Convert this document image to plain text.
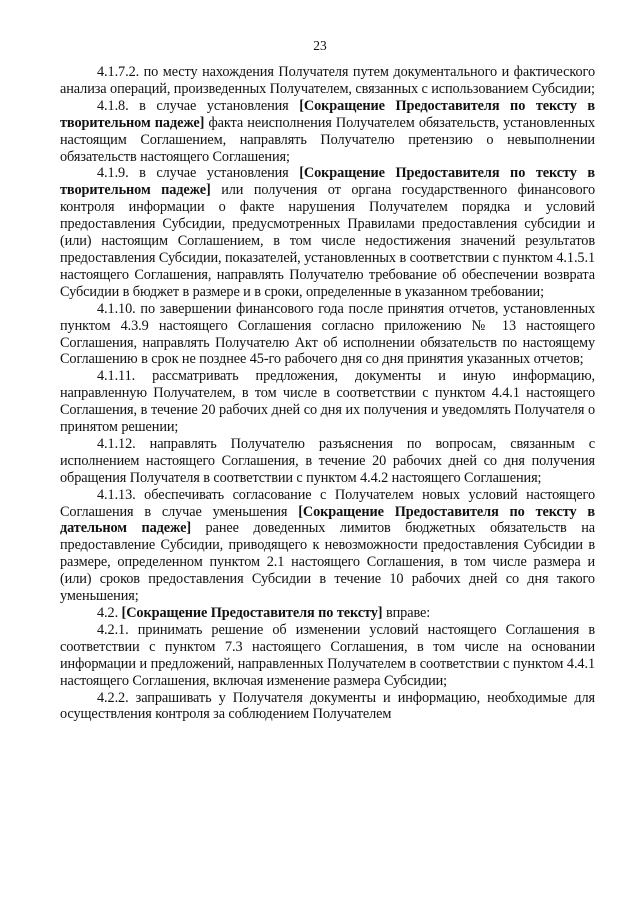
23

4.1.7.2. по месту нахождения Получателя путем документального и фактического анализа операций, произведенных Получателем, связанных с использованием Субсидии;

4.1.8. в случае установления [Сокращение Предоставителя по тексту в творительном падеже] факта неисполнения Получателем обязательств, установленных настоящим Соглашением, направлять Получателю претензию о невыполнении обязательств настоящего Соглашения;

4.1.9. в случае установления [Сокращение Предоставителя по тексту в творительном падеже] или получения от органа государственного финансового контроля информации о факте нарушения Получателем порядка и условий предоставления Субсидии, предусмотренных Правилами предоставления субсидии и (или) настоящим Соглашением, в том числе недостижения значений результатов предоставления Субсидии, показателей, установленных в соответствии с пунктом 4.1.5.1 настоящего Соглашения, направлять Получателю требование об обеспечении возврата Субсидии в бюджет в размере и в сроки, определенные в указанном требовании;

4.1.10. по завершении финансового года после принятия отчетов, установленных пунктом 4.3.9 настоящего Соглашения согласно приложению № 13 настоящего Соглашения, направлять Получателю Акт об исполнении обязательств по настоящему Соглашению в срок не позднее 45-го рабочего дня со дня принятия указанных отчетов;

4.1.11. рассматривать предложения, документы и иную информацию, направленную Получателем, в том числе в соответствии с пунктом 4.4.1 настоящего Соглашения, в течение 20 рабочих дней со дня их получения и уведомлять Получателя о принятом решении;

4.1.12. направлять Получателю разъяснения по вопросам, связанным с исполнением настоящего Соглашения, в течение 20 рабочих дней со дня получения обращения Получателя в соответствии с пунктом 4.4.2 настоящего Соглашения;

4.1.13. обеспечивать согласование с Получателем новых условий настоящего Соглашения в случае уменьшения [Сокращение Предоставителя по тексту в дательном падеже] ранее доведенных лимитов бюджетных обязательств на предоставление Субсидии, приводящего к невозможности предоставления Субсидии в размере, определенном пунктом 2.1 настоящего Соглашения, в том числе размера и (или) сроков предоставления Субсидии в течение 10 рабочих дней со дня такого уменьшения;

4.2. [Сокращение Предоставителя по тексту] вправе:

4.2.1. принимать решение об изменении условий настоящего Соглашения в соответствии с пунктом 7.3 настоящего Соглашения, в том числе на основании информации и предложений, направленных Получателем в соответствии с пунктом 4.4.1 настоящего Соглашения, включая изменение размера Субсидии;

4.2.2. запрашивать у Получателя документы и информацию, необходимые для осуществления контроля за соблюдением Получателем
